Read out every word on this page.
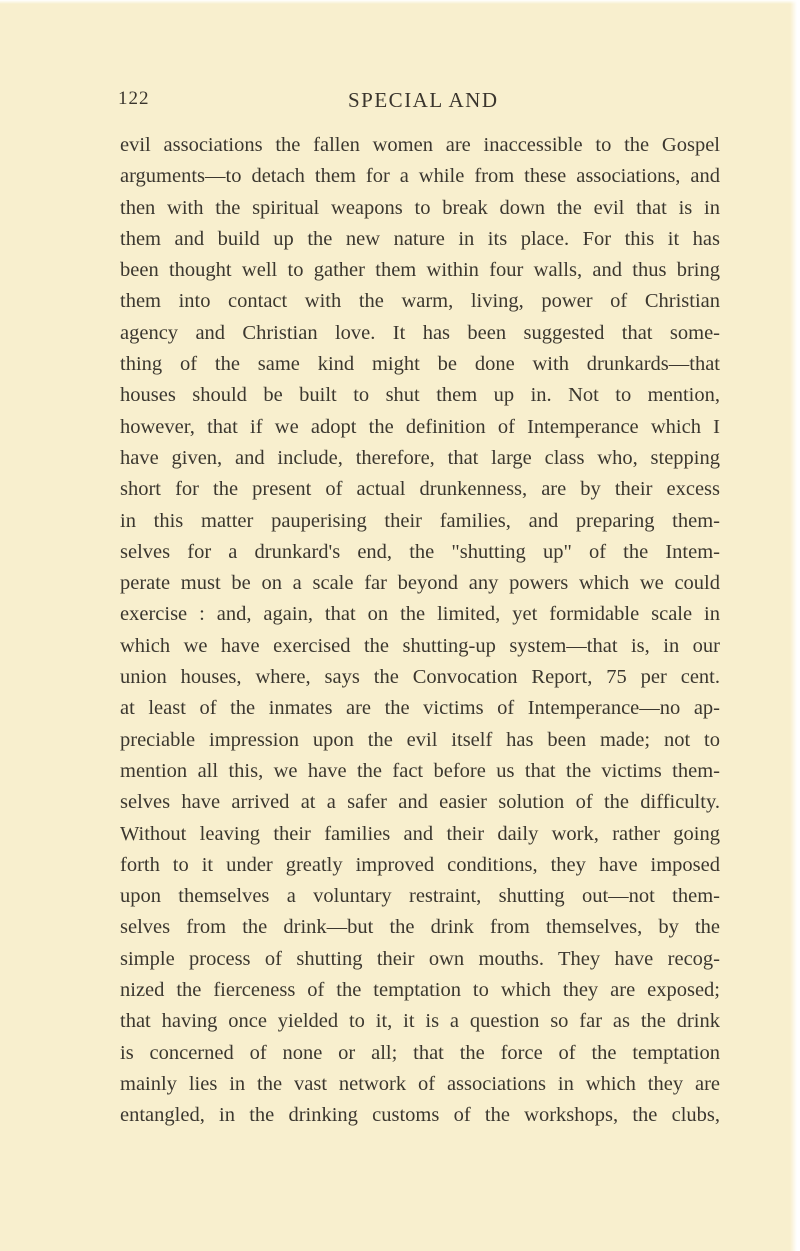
122	SPECIAL AND
evil associations the fallen women are inaccessible to the Gospel
arguments—to detach them for a while from these associations, and
then with the spiritual weapons to break down the evil that is in
them and build up the new nature in its place. For this it has
been thought well to gather them within four walls, and thus bring
them into contact with the warm, living, power of Christian
agency and Christian love. It has been suggested that some-
thing of the same kind might be done with drunkards—that
houses should be built to shut them up in. Not to mention,
however, that if we adopt the definition of Intemperance which I
have given, and include, therefore, that large class who, stepping
short for the present of actual drunkenness, are by their excess
in this matter pauperising their families, and preparing them-
selves for a drunkard's end, the "shutting up" of the Intem-
perate must be on a scale far beyond any powers which we could
exercise : and, again, that on the limited, yet formidable scale in
which we have exercised the shutting-up system—that is, in our
union houses, where, says the Convocation Report, 75 per cent.
at least of the inmates are the victims of Intemperance—no ap-
preciable impression upon the evil itself has been made; not to
mention all this, we have the fact before us that the victims them-
selves have arrived at a safer and easier solution of the difficulty.
Without leaving their families and their daily work, rather going
forth to it under greatly improved conditions, they have imposed
upon themselves a voluntary restraint, shutting out—not them-
selves from the drink—but the drink from themselves, by the
simple process of shutting their own mouths. They have recog-
nized the fierceness of the temptation to which they are exposed;
that having once yielded to it, it is a question so far as the drink
is concerned of none or all; that the force of the temptation
mainly lies in the vast network of associations in which they are
entangled, in the drinking customs of the workshops, the clubs,
